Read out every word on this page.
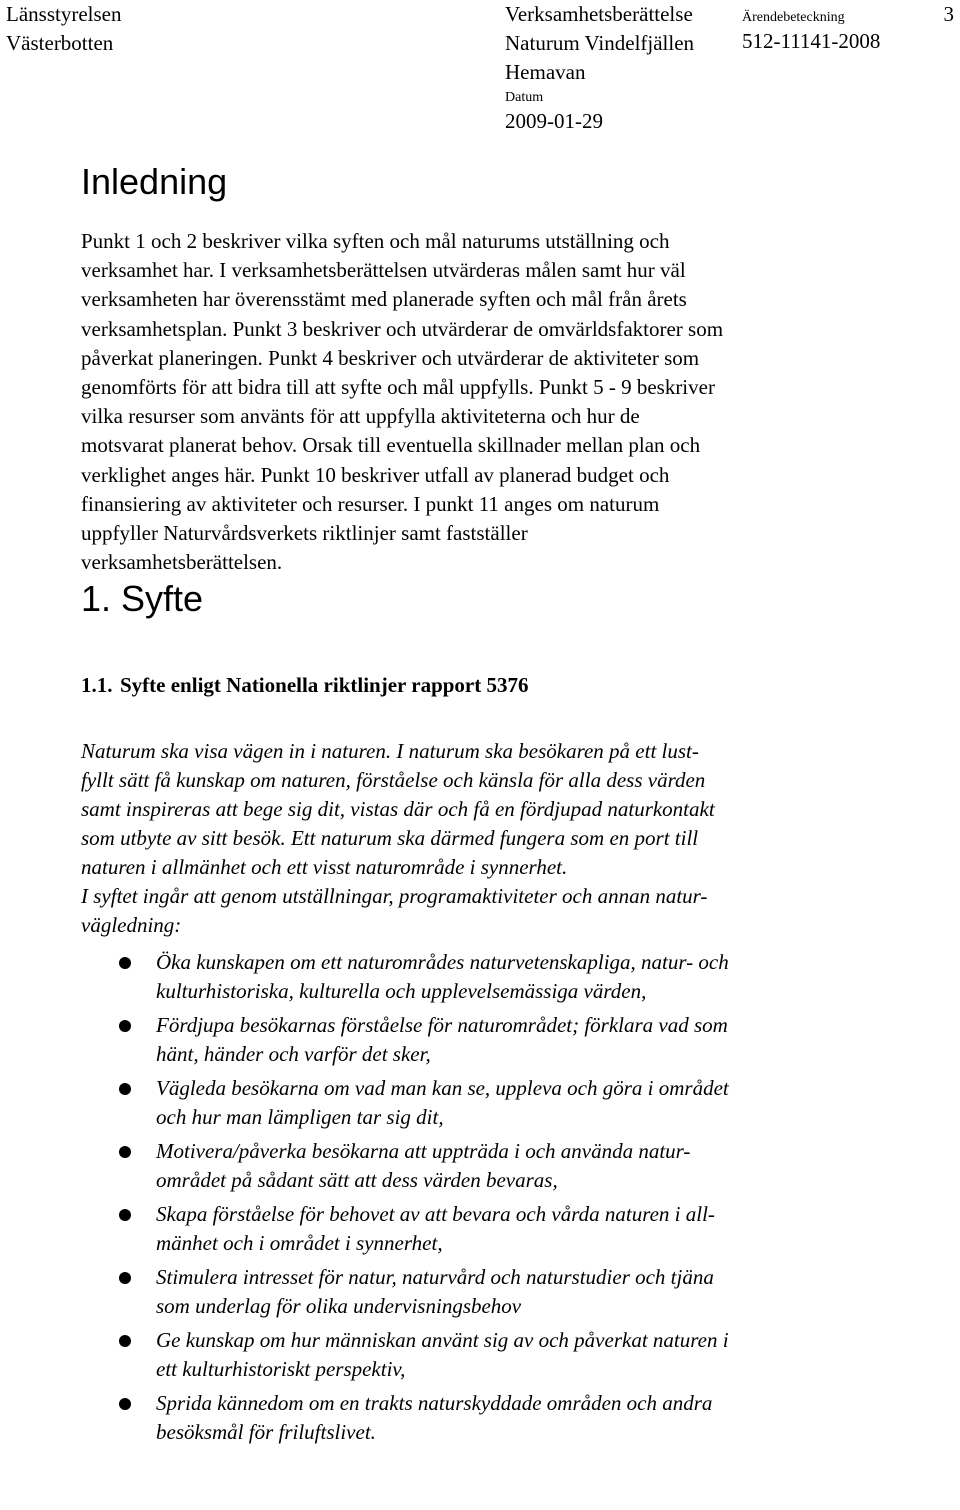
Länsstyrelsen
Västerbotten
Verksamhetsberättelse
Naturum Vindelfjällen
Hemavan
Datum
2009-01-29
Ärendebeteckning
512-11141-2008
3
Inledning
Punkt 1 och 2 beskriver vilka syften och mål naturums utställning och
verksamhet har. I verksamhetsberättelsen utvärderas målen samt hur väl
verksamheten har överensstämt med planerade syften och mål från årets
verksamhetsplan. Punkt 3 beskriver och utvärderar de omvärldsfaktorer som
påverkat planeringen. Punkt 4 beskriver och utvärderar de aktiviteter som
genomförts för att bidra till att syfte och mål uppfylls. Punkt 5 - 9 beskriver
vilka resurser som använts för att uppfylla aktiviteterna och hur de
motsvarat planerat behov. Orsak till eventuella skillnader mellan plan och
verklighet anges här. Punkt 10 beskriver utfall av planerad budget och
finansiering av aktiviteter och resurser. I punkt 11 anges om naturum
uppfyller Naturvårdsverkets riktlinjer samt fastställer
verksamhetsberättelsen.
1. Syfte
1.1. Syfte enligt Nationella riktlinjer rapport 5376
Naturum ska visa vägen in i naturen. I naturum ska besökaren på ett lust-
fyllt sätt få kunskap om naturen, förståelse och känsla för alla dess värden
samt inspireras att bege sig dit, vistas där och få en fördjupad naturkontakt
som utbyte av sitt besök. Ett naturum ska därmed fungera som en port till
naturen i allmänhet och ett visst naturområde i synnerhet.
I syftet ingår att genom utställningar, programaktiviteter och annan natur-
vägledning:
Öka kunskapen om ett naturområdes naturvetenskapliga, natur- och
kulturhistoriska, kulturella och upplevelsemässiga värden,
Fördjupa besökarnas förståelse för naturområdet; förklara vad som
hänt, händer och varför det sker,
Vägleda besökarna om vad man kan se, uppleva och göra i området
och hur man lämpligen tar sig dit,
Motivera/påverka besökarna att uppträda i och använda natur-
området på sådant sätt att dess värden bevaras,
Skapa förståelse för behovet av att bevara och vårda naturen i all-
mänhet och i området i synnerhet,
Stimulera intresset för natur, naturvård och naturstudier och tjäna
som underlag för olika undervisningsbehov
Ge kunskap om hur människan använt sig av och påverkat naturen i
ett kulturhistoriskt perspektiv,
Sprida kännedom om en trakts naturskyddade områden och andra
besöksmål för friluftslivet.
